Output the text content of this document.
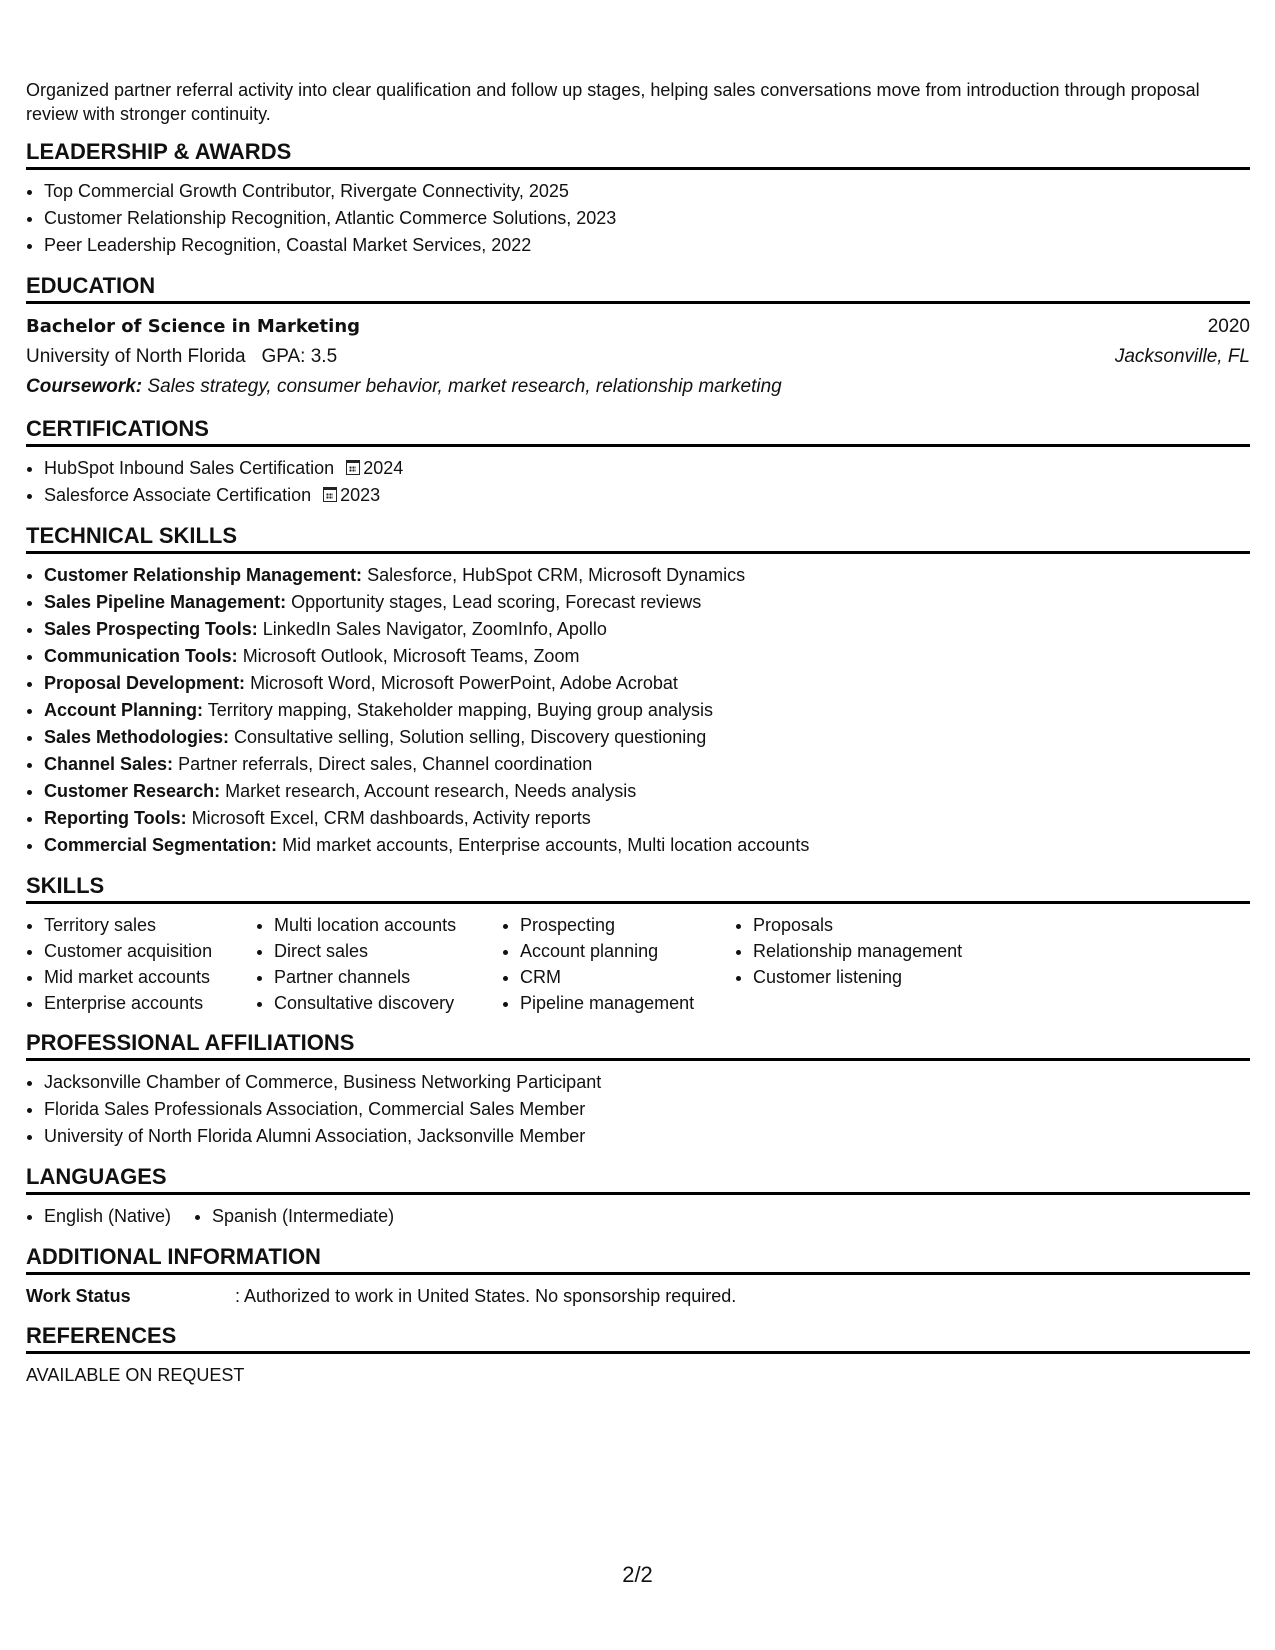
Organized partner referral activity into clear qualification and follow up stages, helping sales conversations move from introduction through proposal review with stronger continuity.

LEADERSHIP & AWARDS
• Top Commercial Growth Contributor, Rivergate Connectivity, 2025
• Customer Relationship Recognition, Atlantic Commerce Solutions, 2023
• Peer Leadership Recognition, Coastal Market Services, 2022
EDUCATION
Bachelor of Science in Marketing	2020
University of North Florida GPA: 3.5	Jacksonville, FL
Coursework: Sales strategy, consumer behavior, market research, relationship marketing
CERTIFICATIONS
• HubSpot Inbound Sales Certification 2024
• Salesforce Associate Certification 2023
TECHNICAL SKILLS
• Customer Relationship Management: Salesforce, HubSpot CRM, Microsoft Dynamics
• Sales Pipeline Management: Opportunity stages, Lead scoring, Forecast reviews
• Sales Prospecting Tools: LinkedIn Sales Navigator, ZoomInfo, Apollo
• Communication Tools: Microsoft Outlook, Microsoft Teams, Zoom
• Proposal Development: Microsoft Word, Microsoft PowerPoint, Adobe Acrobat
• Account Planning: Territory mapping, Stakeholder mapping, Buying group analysis
• Sales Methodologies: Consultative selling, Solution selling, Discovery questioning
• Channel Sales: Partner referrals, Direct sales, Channel coordination
• Customer Research: Market research, Account research, Needs analysis
• Reporting Tools: Microsoft Excel, CRM dashboards, Activity reports
• Commercial Segmentation: Mid market accounts, Enterprise accounts, Multi location accounts
SKILLS
• Territory sales
• Customer acquisition
• Mid market accounts
• Enterprise accounts
• Multi location accounts
• Direct sales
• Partner channels
• Consultative discovery
• Prospecting
• Account planning
• CRM
• Pipeline management
• Proposals
• Relationship management
• Customer listening
PROFESSIONAL AFFILIATIONS
• Jacksonville Chamber of Commerce, Business Networking Participant
• Florida Sales Professionals Association, Commercial Sales Member
• University of North Florida Alumni Association, Jacksonville Member
LANGUAGES
• English (Native)
•	Spanish (Intermediate)
ADDITIONAL INFORMATION
Work Status	: Authorized to work in United States. No sponsorship required.
REFERENCES
AVAILABLE ON REQUEST
2/2
